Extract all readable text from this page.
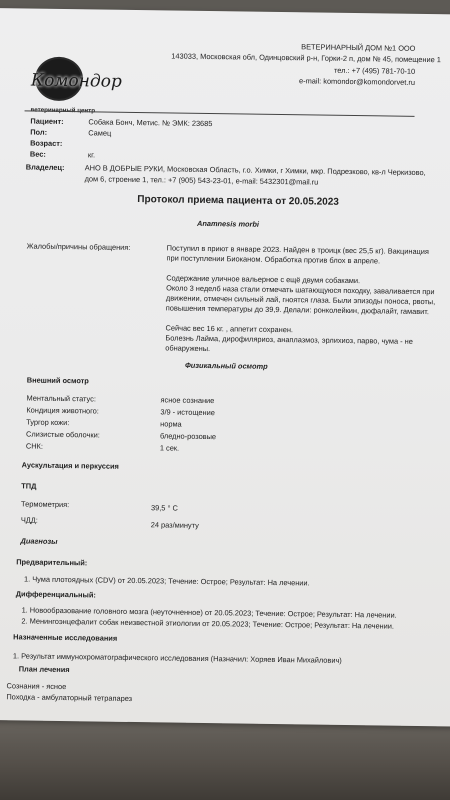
Комондор
ВЕТЕРИНАРНЫЙ ДОМ №1 ООО
143033, Московская обл, Одинцовский р-н, Горки-2 п, дом № 45, помещение 1
тел.: +7 (495) 781-70-10
e-mail: komondor@komondorvet.ru
Пациент:	Собака Бонч, Метис. № ЭМК: 23685
Пол:	Самец
Возраст:
Вес:	кг.
Владелец:	АНО В ДОБРЫЕ РУКИ, Московская Область, г.о. Химки, г Химки, мкр. Подрезково, кв-л Черкизово,
дом 6, строение 1, тел.: +7 (905) 543-23-01, e-mail: 5432301@mail.ru
Протокол приема пациента от 20.05.2023
Anamnesis morbi
Жалобы/причины обращения:	Поступил в приют в январе 2023. Найден в троицк (вес 25,5 кг). Вакцинация
при поступлении Биоканом. Обработка против блох в апреле.
Содержание уличное вальерное с ещё двумя собаками.
Около 3 неделб наза стали отмечать шатающуюся походку, заваливается при
движении, отмечен сильный лай, гноятся глаза. Были эпизоды поноса, рвоты,
повышения температуры до 39,9. Делали: ронколейкин, дюфалайт, гамавит.
Сейчас вес 16 кг. , аппетит сохранен.
Болезнь Лайма, дирофиляриоз, анаплазмоз, эрлихиоз, парво, чума - не
обнаружены.
Физикальный осмотр
Внешний осмотр
Ментальный статус:	ясное сознание
Кондиция животного:	3/9 - истощение
Тургор кожи:	норма
Слизистые оболочки:	бледно-розовые
СНК:	1 сек.
Аускультация и перкуссия
ТПД
Термометрия:	39,5 ° С
ЧДД:
24 раз/минуту
Диагнозы
Предварительный:
1. Чума плотоядных (CDV) от 20.05.2023; Течение: Острое; Результат: На лечении.
Дифференциальный:
1. Новообразование головного мозга (неуточненное) от 20.05.2023; Течение: Острое; Результат: На лечении.
2. Менингоэнцефалит собак неизвестной этиологии от 20.05.2023; Течение: Острое; Результат: На лечении.
Назначенные исследования
1. Результат иммунохроматографического исследования (Назначил: Хоряев Иван Михайлович)
План лечения
Сознания - ясное
Походка - амбулаторный тетрапарез
